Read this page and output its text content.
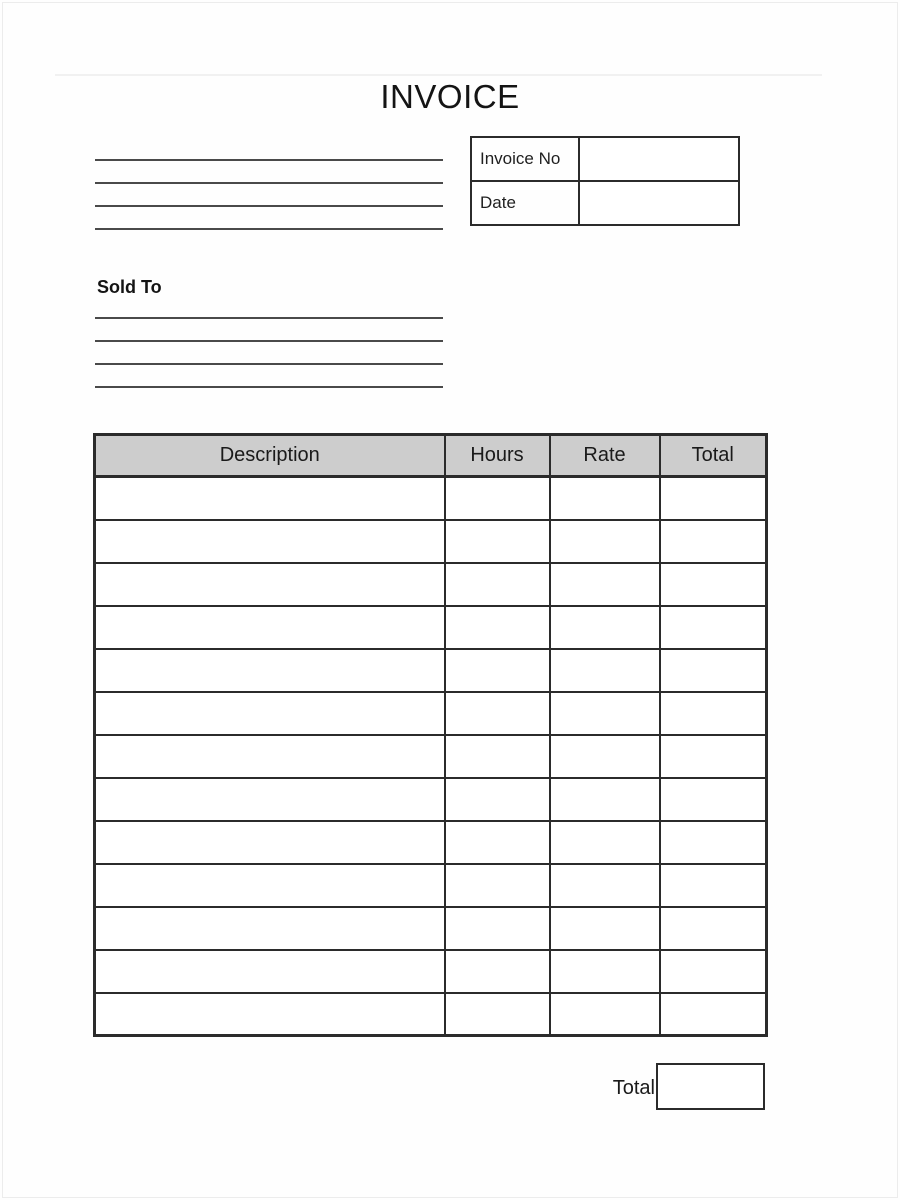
INVOICE
Invoice No	
Date	
Sold To
Description	Hours	Rate	Total

Total
